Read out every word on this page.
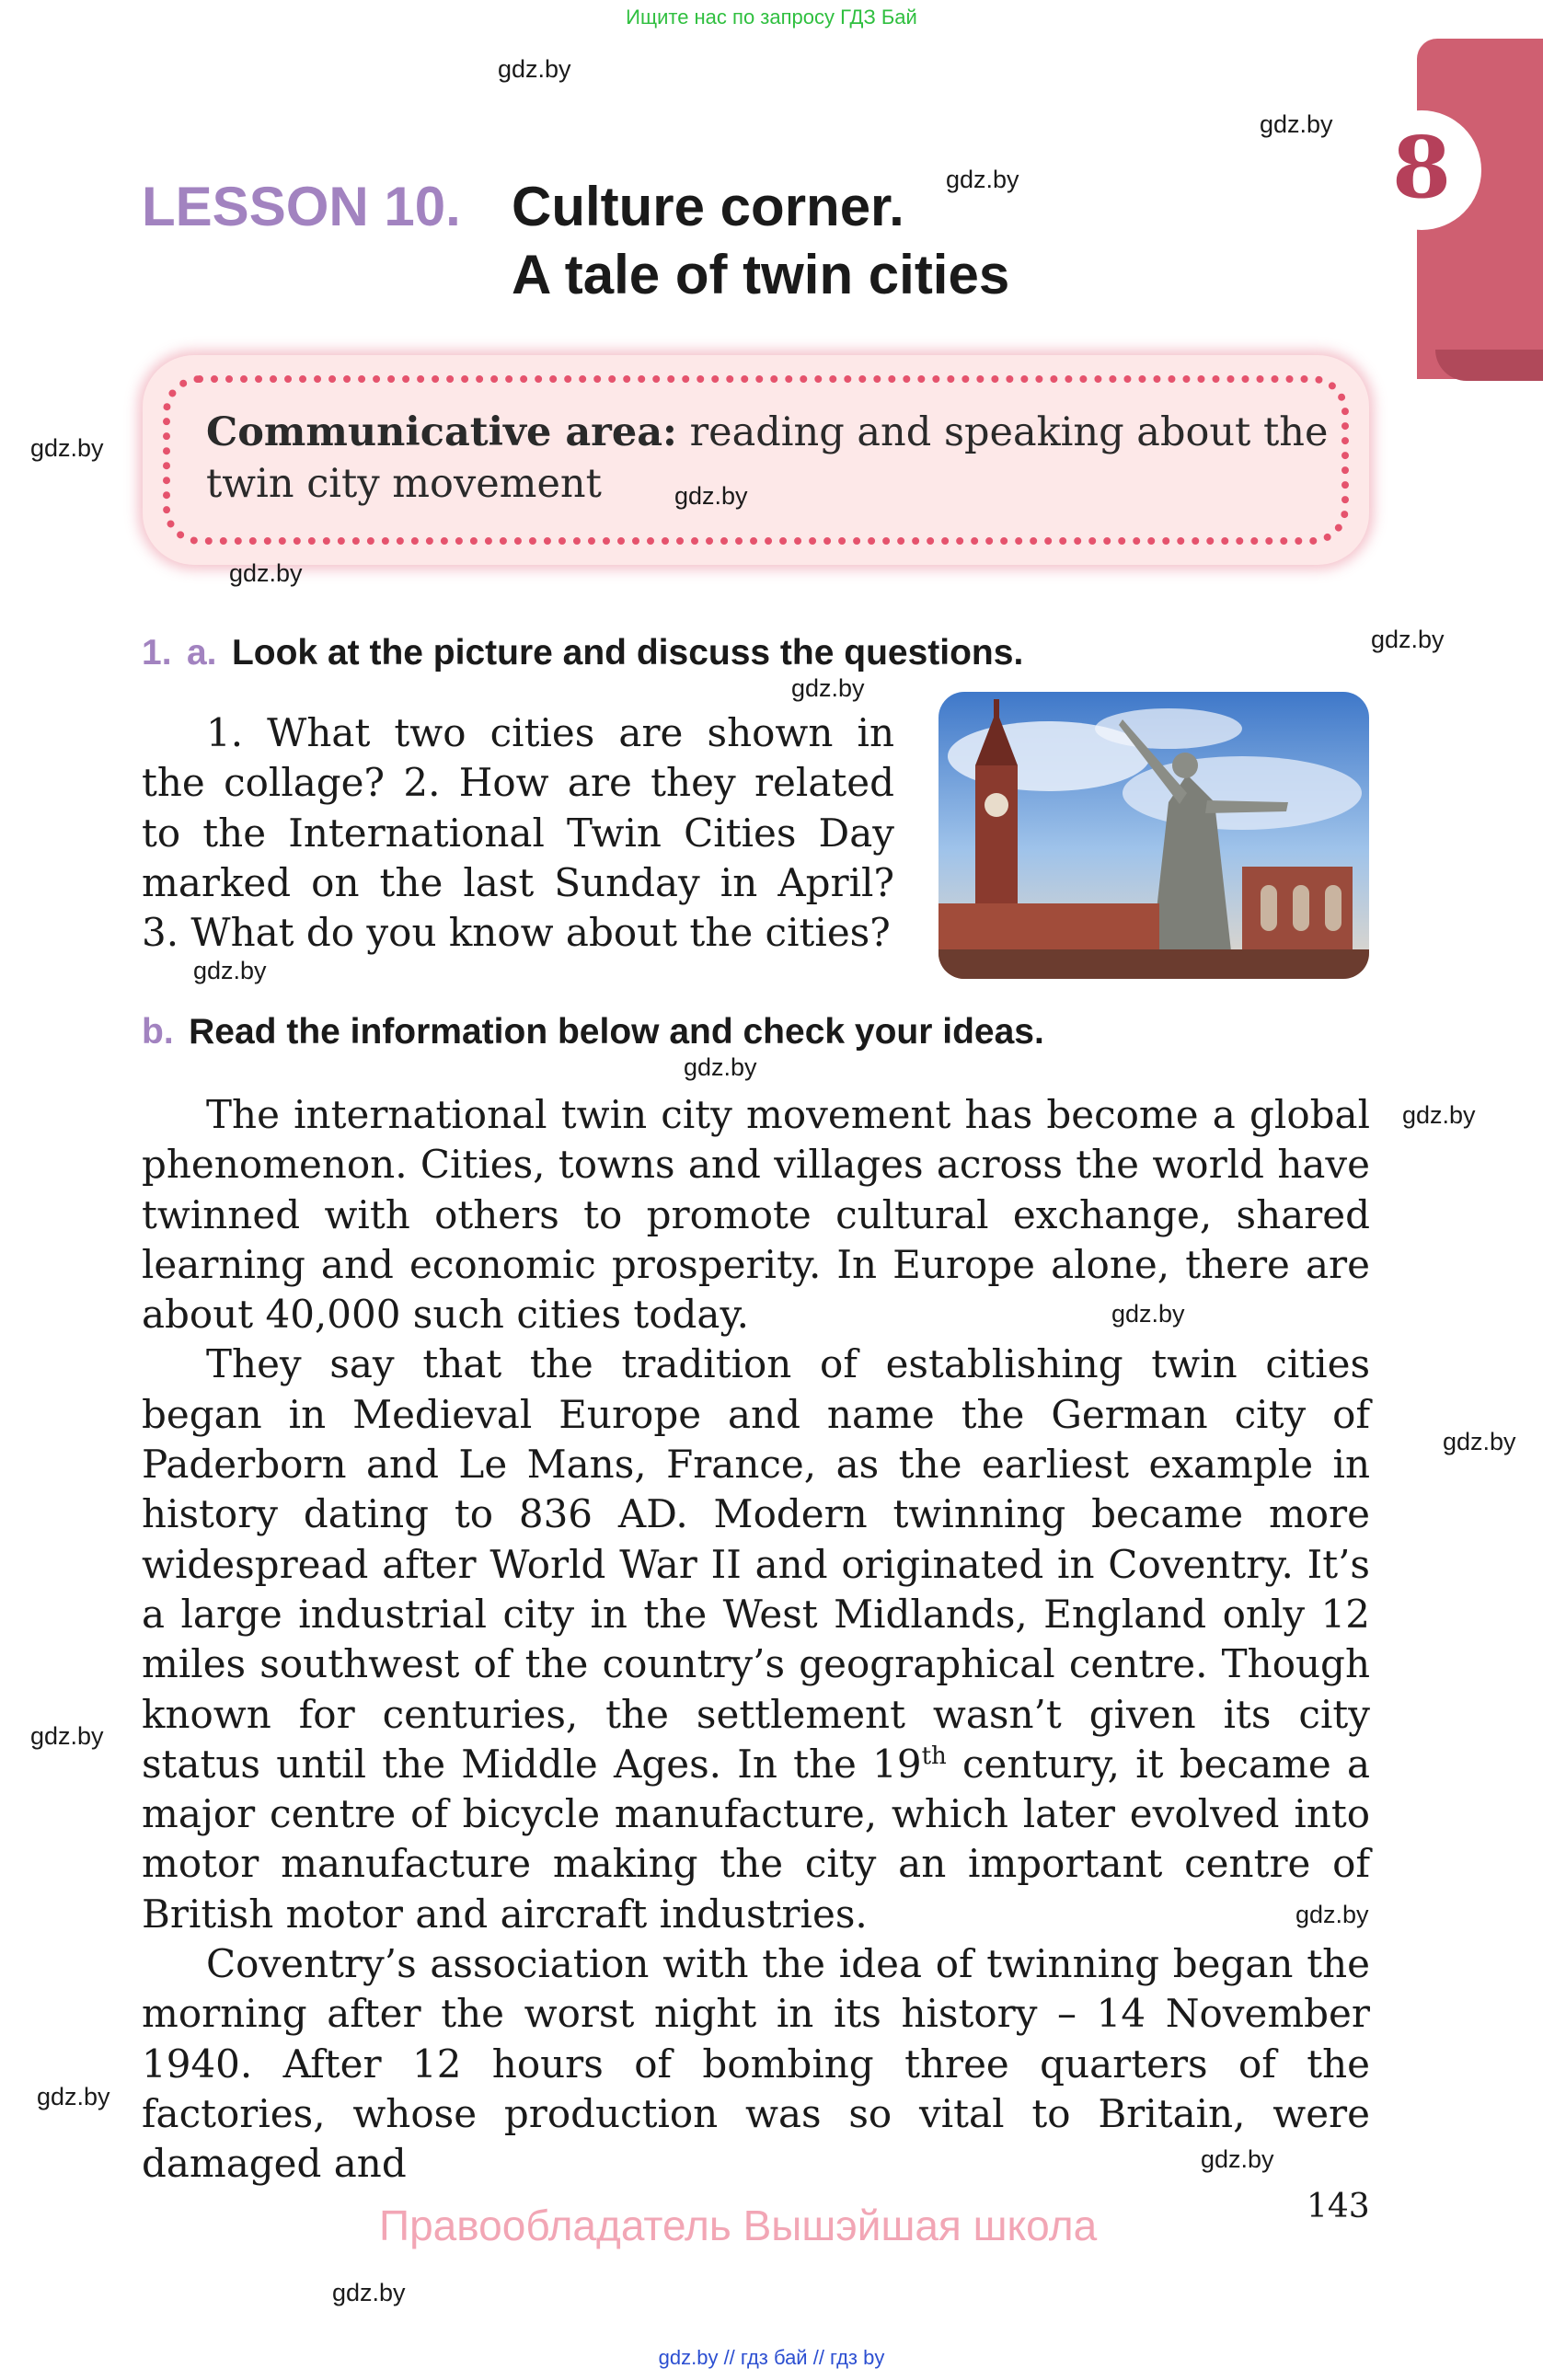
Ищите нас по запросу ГДЗ Бай
8
LESSON 10. Culture corner.
A tale of twin cities
Communicative area: reading and speaking about the twin city movement
1. a. Look at the picture and discuss the questions.
1. What two cities are shown in the collage? 2. How are they related to the International Twin Cities Day marked on the last Sunday in April? 3. What do you know about the cities?
b. Read the information below and check your ideas.

The international twin city movement has become a global phenomenon. Cities, towns and villages across the world have twinned with others to promote cultural exchange, shared learning and economic prosperity. In Europe alone, there are about 40,000 such cities today.

They say that the tradition of establishing twin cities began in Medieval Europe and name the German city of Paderborn and Le Mans, France, as the earliest example in history dating to 836 AD. Modern twinning became more widespread after World War II and originated in Coventry. It’s a large industrial city in the West Midlands, England only 12 miles southwest of the country’s geographical centre. Though known for centuries, the settlement wasn’t given its city status until the Middle Ages. In the 19th century, it became a major centre of bicycle manufacture, which later evolved into motor manufacture making the city an important centre of British motor and aircraft industries.

Coventry’s association with the idea of twinning began the morning after the worst night in its history – 14 November 1940. After 12 hours of bombing three quarters of the factories, whose production was so vital to Britain, were damaged and

gdz.by
gdz.by
gdz.by
gdz.by
gdz.by
gdz.by
gdz.by
gdz.by
gdz.by
gdz.by
gdz.by
gdz.by
gdz.by
gdz.by
gdz.by
gdz.by
gdz.by
gdz.by
143
Правообладатель Вышэйшая школа
gdz.by // гдз бай // гдз by
